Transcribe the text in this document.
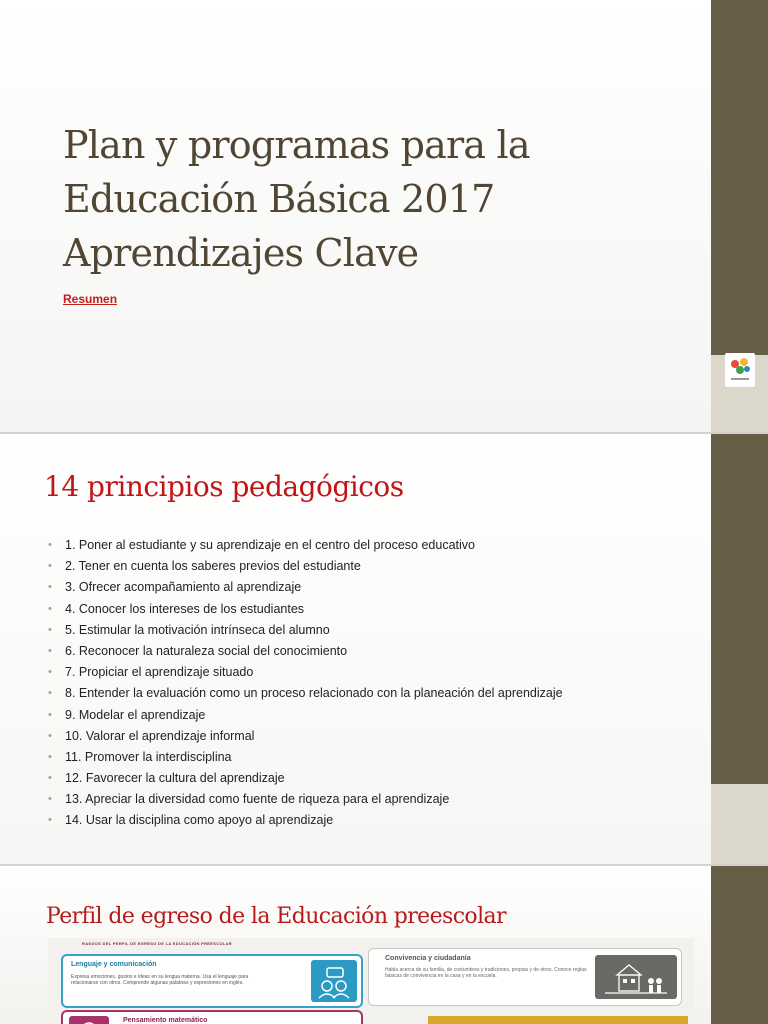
Plan y programas para la
Educación Básica 2017
Aprendizajes Clave
Resumen
14 principios pedagógicos
• 1. Poner al estudiante y su aprendizaje en el centro del proceso educativo
• 2. Tener en cuenta los saberes previos del estudiante
• 3. Ofrecer acompañamiento al aprendizaje
• 4. Conocer los intereses de los estudiantes
• 5. Estimular la motivación intrínseca del alumno
• 6. Reconocer la naturaleza social del conocimiento
• 7. Propiciar el aprendizaje situado
• 8. Entender la evaluación como un proceso relacionado con la planeación del aprendizaje
• 9. Modelar el aprendizaje
• 10. Valorar el aprendizaje informal
• 11. Promover la interdisciplina
• 12. Favorecer la cultura del aprendizaje
• 13. Apreciar la diversidad como fuente de riqueza para el aprendizaje
• 14. Usar la disciplina como apoyo al aprendizaje
Perfil de egreso de la Educación preescolar
RASGOS DEL PERFIL DE EGRESO DE LA EDUCACIÓN PREESCOLAR
Lenguaje y comunicación
Expresa emociones, gustos e ideas en su lengua materna. Usa el lenguaje para relacionarse con otros. Comprende algunas palabras y expresiones en inglés.
Pensamiento matemático
Convivencia y ciudadanía
Habla acerca de su familia, de costumbres y tradiciones, propias y de otros. Conoce reglas básicas de convivencia en la casa y en la escuela.
